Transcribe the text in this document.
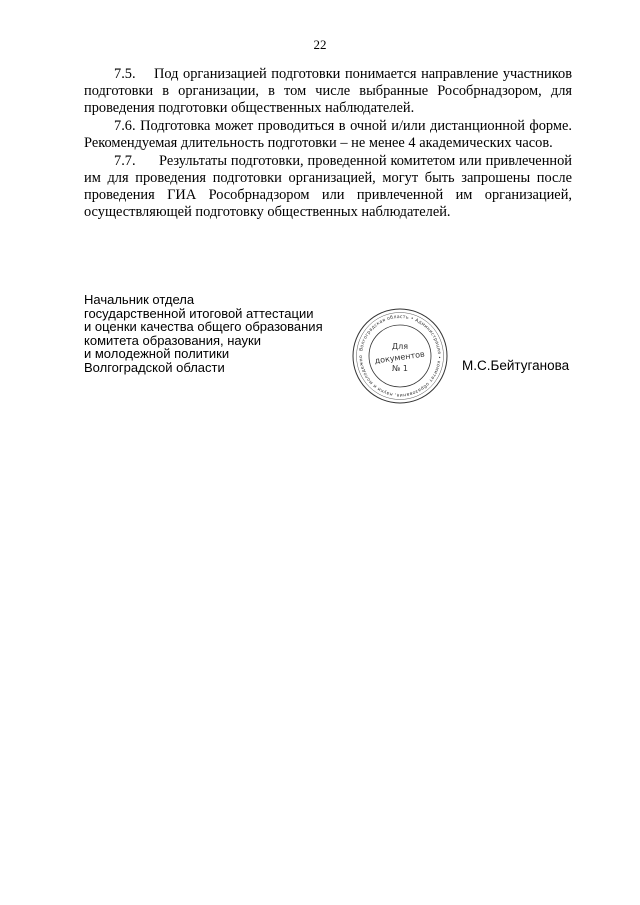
22

7.5. Под организацией подготовки понимается направление участников подготовки в организации, в том числе выбранные Рособрнадзором, для проведения подготовки общественных наблюдателей.

7.6. Подготовка может проводиться в очной и/или дистанционной форме. Рекомендуемая длительность подготовки – не менее 4 академических часов.

7.7. Результаты подготовки, проведенной комитетом или привлеченной им для проведения подготовки организацией, могут быть запрошены после проведения ГИА Рособрнадзором или привлеченной им организацией, осуществляющей подготовку общественных наблюдателей.

Начальник отдела
государственной итоговой аттестации
и оценки качества общего образования
комитета образования, науки
и молодежной политики
Волгоградской области
Волгоградская область • Администрация • комитет образования, науки и молодежно
Для
документов
№ 1	М.С.Бейтуганова
